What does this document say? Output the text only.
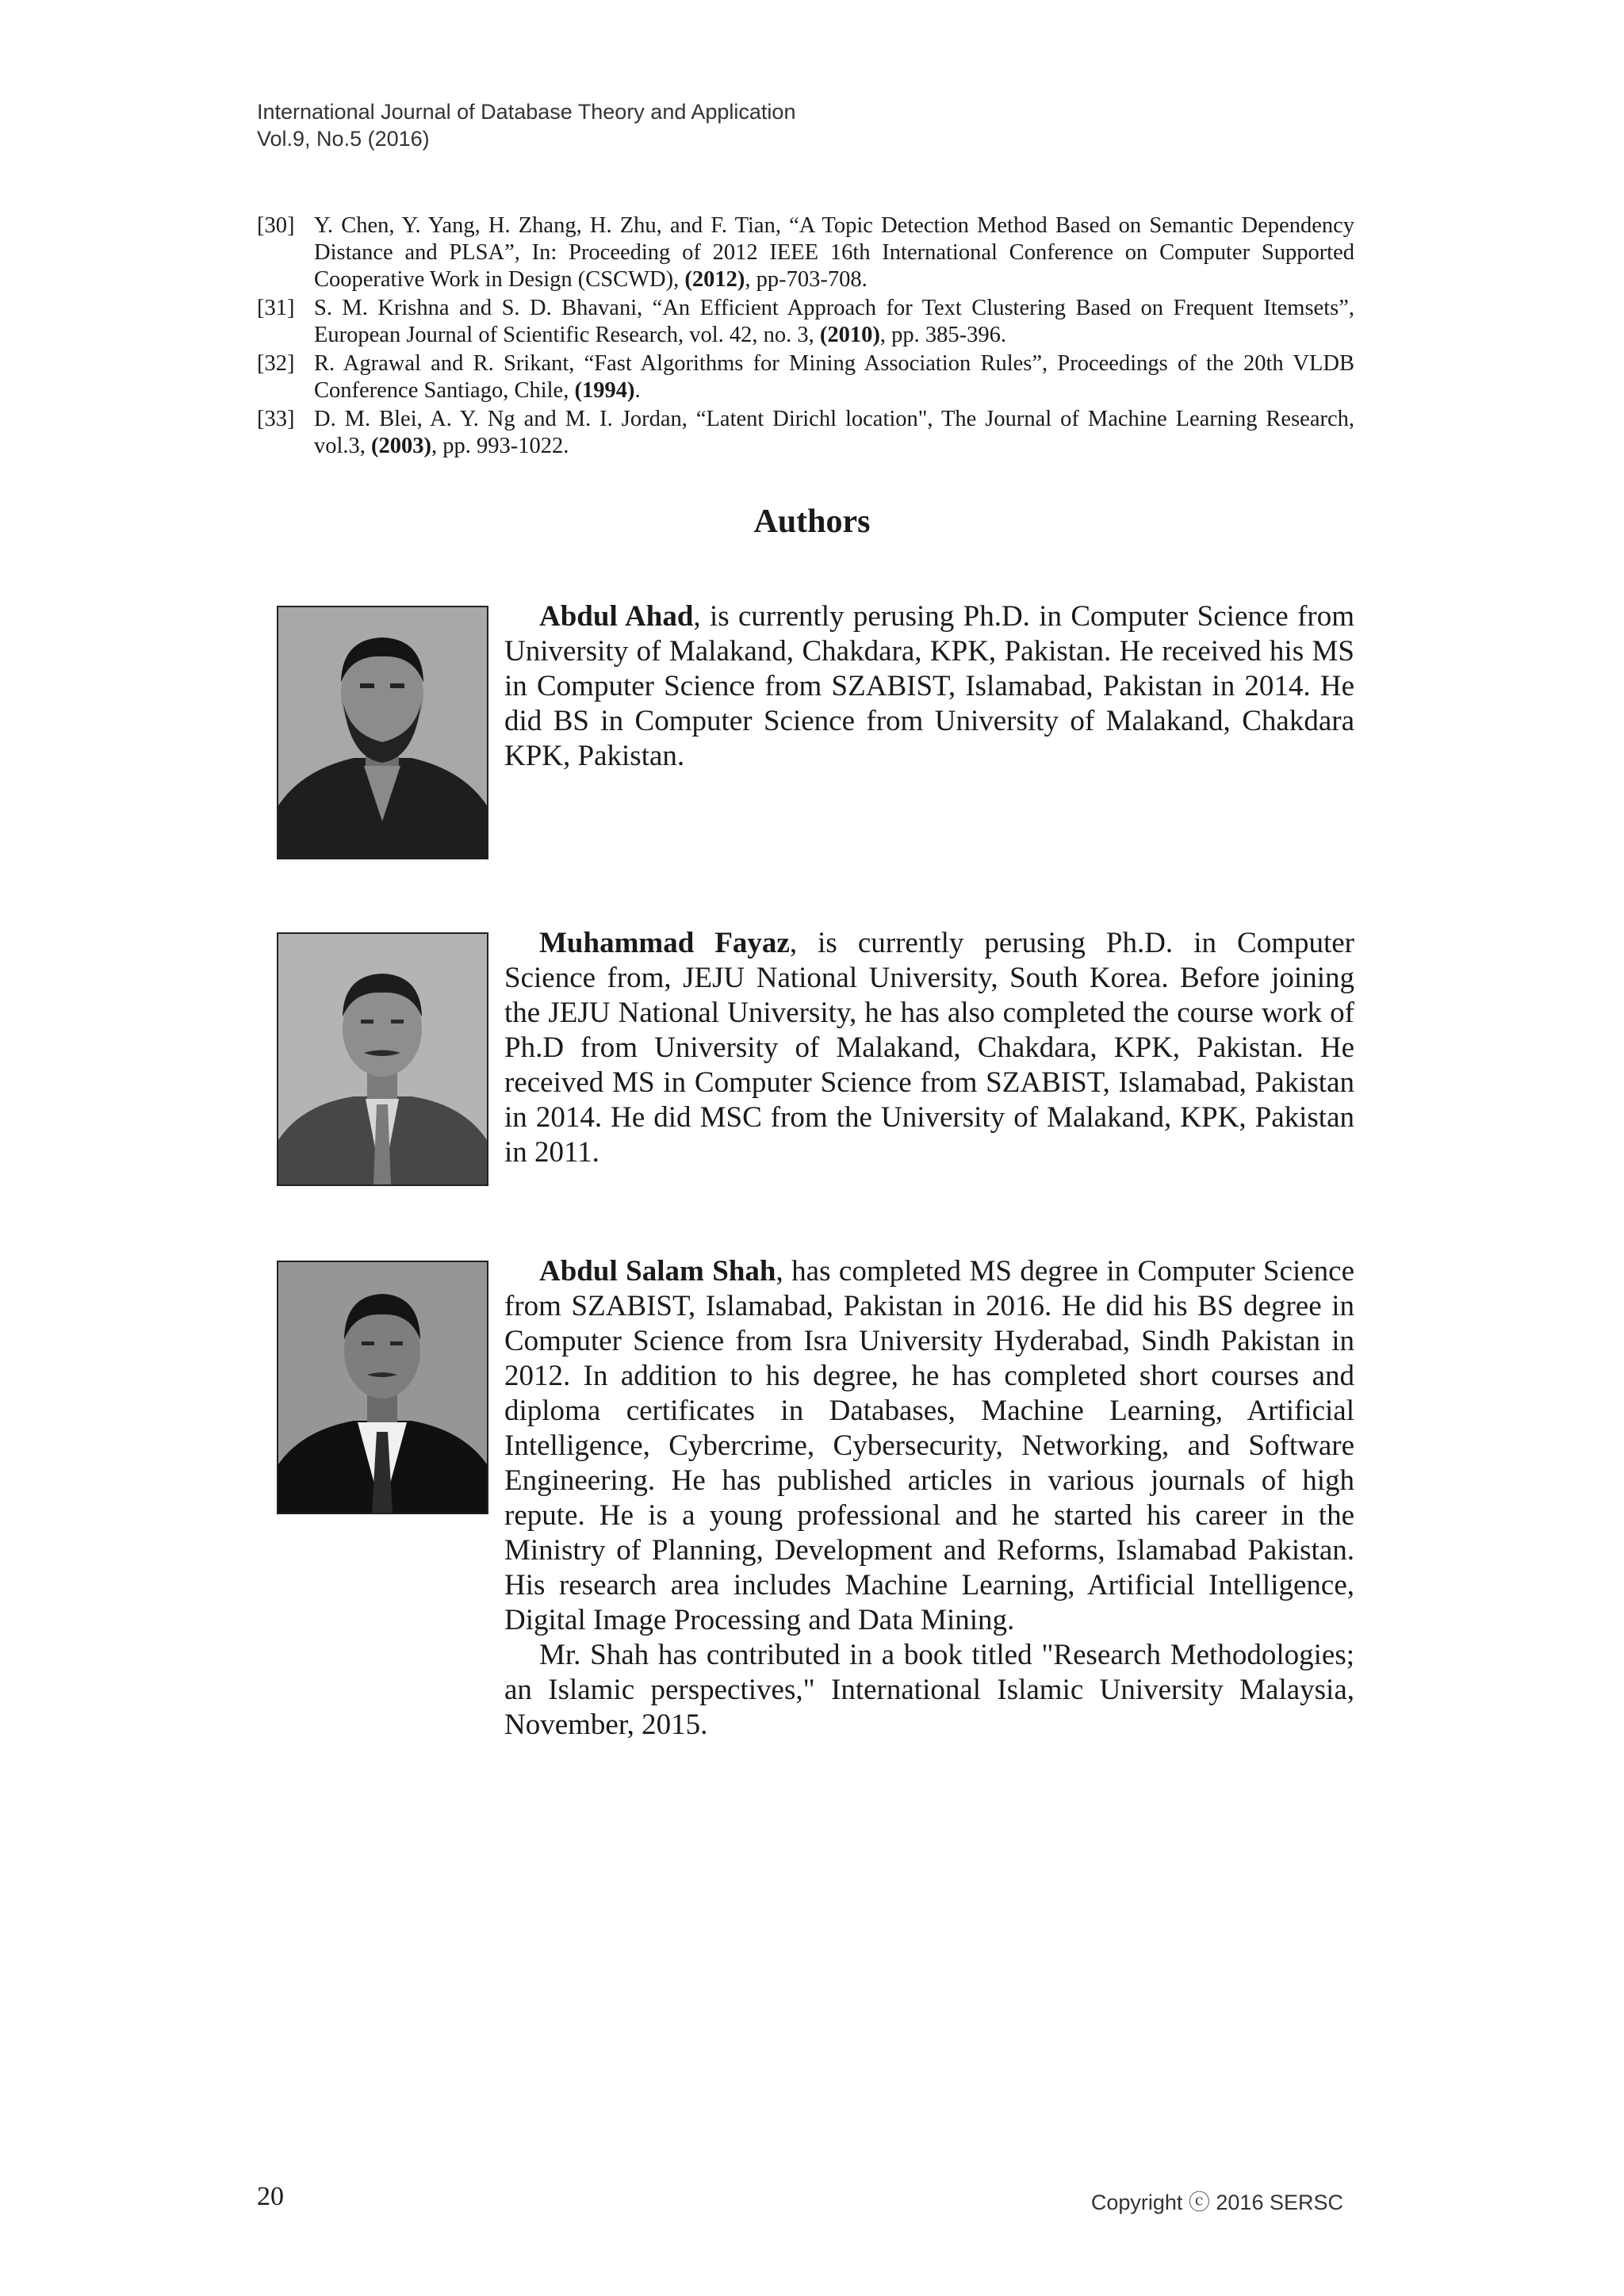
International Journal of Database Theory and Application
Vol.9, No.5 (2016)
[30] Y. Chen, Y. Yang, H. Zhang, H. Zhu, and F. Tian, “A Topic Detection Method Based on Semantic Dependency Distance and PLSA”, In: Proceeding of 2012 IEEE 16th International Conference on Computer Supported Cooperative Work in Design (CSCWD), (2012), pp-703-708.
[31] S. M. Krishna and S. D. Bhavani, “An Efficient Approach for Text Clustering Based on Frequent Itemsets”, European Journal of Scientific Research, vol. 42, no. 3, (2010), pp. 385-396.
[32] R. Agrawal and R. Srikant, “Fast Algorithms for Mining Association Rules”, Proceedings of the 20th VLDB Conference Santiago, Chile, (1994).
[33] D. M. Blei, A. Y. Ng and M. I. Jordan, “Latent Dirichl location", The Journal of Machine Learning Research, vol.3, (2003), pp. 993-1022.
Authors

Abdul Ahad, is currently perusing Ph.D. in Computer Science from University of Malakand, Chakdara, KPK, Pakistan. He received his MS in Computer Science from SZABIST, Islamabad, Pakistan in 2014. He did BS in Computer Science from University of Malakand, Chakdara KPK, Pakistan.

Muhammad Fayaz, is currently perusing Ph.D. in Computer Science from, JEJU National University, South Korea. Before joining the JEJU National University, he has also completed the course work of Ph.D from University of Malakand, Chakdara, KPK, Pakistan. He received MS in Computer Science from SZABIST, Islamabad, Pakistan in 2014. He did MSC from the University of Malakand, KPK, Pakistan in 2011.

Abdul Salam Shah, has completed MS degree in Computer Science from SZABIST, Islamabad, Pakistan in 2016. He did his BS degree in Computer Science from Isra University Hyderabad, Sindh Pakistan in 2012. In addition to his degree, he has completed short courses and diploma certificates in Databases, Machine Learning, Artificial Intelligence, Cybercrime, Cybersecurity, Networking, and Software Engineering. He has published articles in various journals of high repute. He is a young professional and he started his career in the Ministry of Planning, Development and Reforms, Islamabad Pakistan. His research area includes Machine Learning, Artificial Intelligence, Digital Image Processing and Data Mining.

Mr. Shah has contributed in a book titled "Research Methodologies; an Islamic perspectives," International Islamic University Malaysia, November, 2015.

20	Copyright ⓒ 2016 SERSC
